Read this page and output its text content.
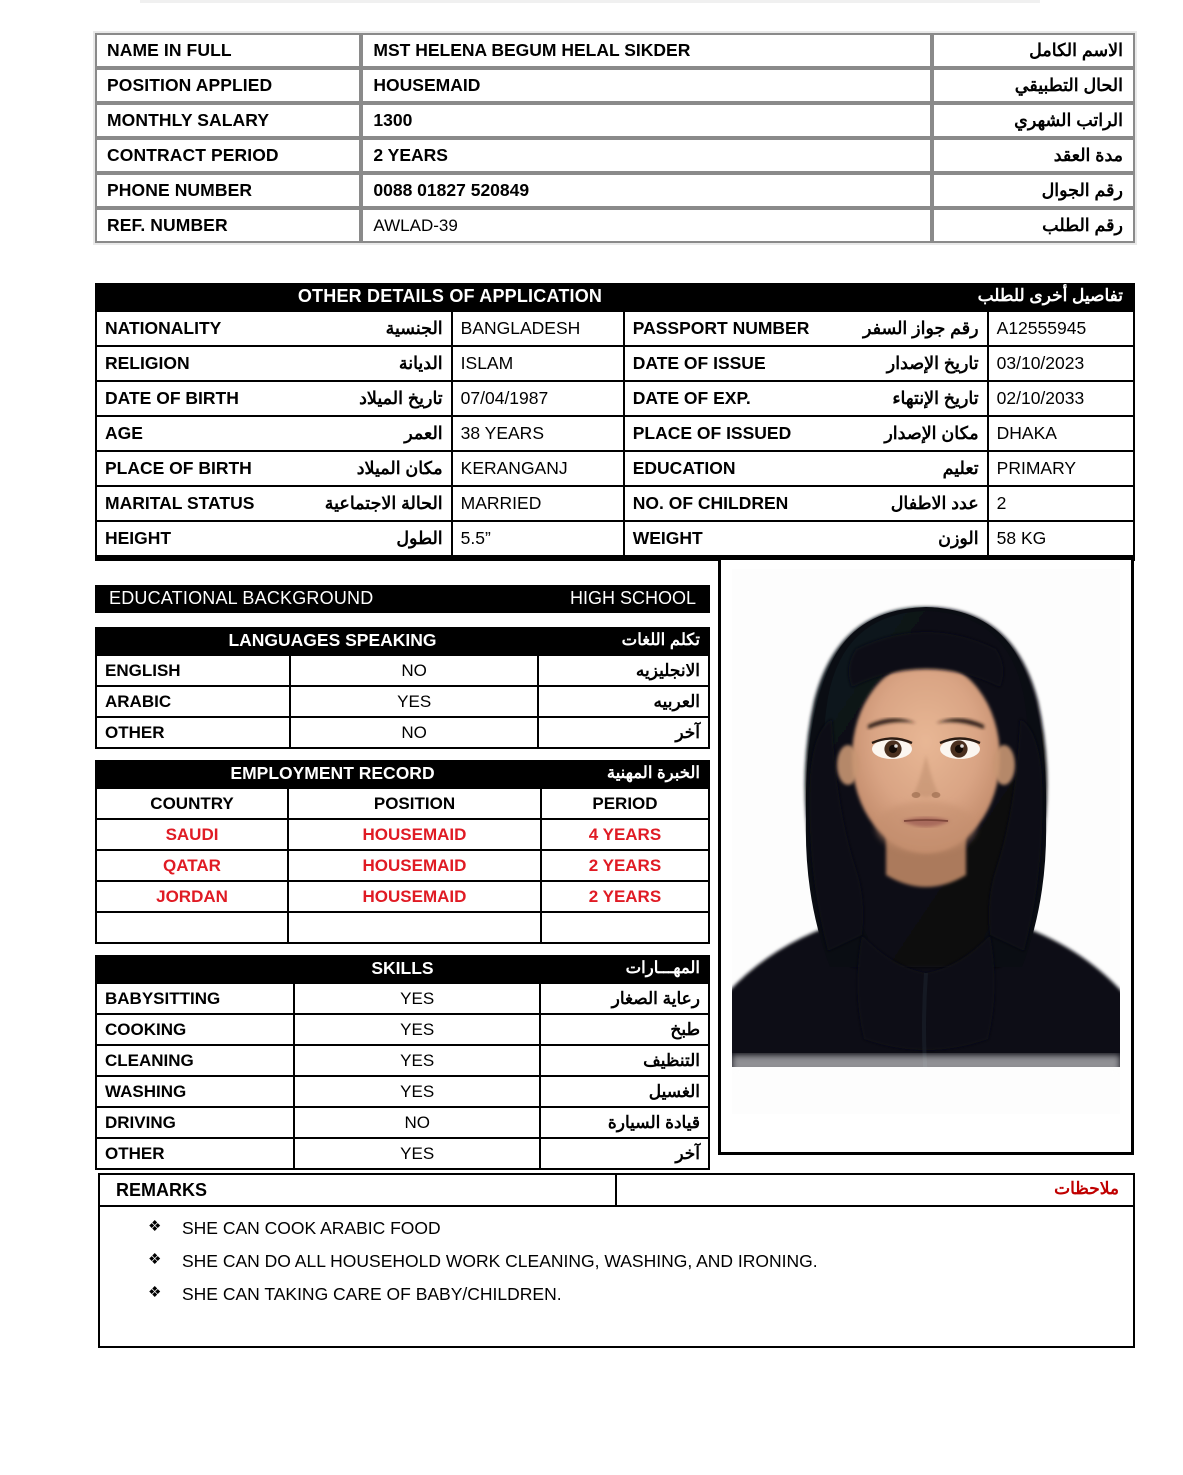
NAME IN FULL	MST HELENA BEGUM HELAL SIKDER	الاسم الكامل
POSITION APPLIED	HOUSEMAID	الحال التطبيقي
MONTHLY SALARY	1300	الراتب الشهري
CONTRACT PERIOD	2 YEARS	مدة العقد
PHONE NUMBER	0088 01827 520849	رقم الجوال
REF. NUMBER	AWLAD-39	رقم الطلب
OTHER DETAILS OF APPLICATION	تفاصيل أخرى للطلب
NATIONALITY الجنسية	BANGLADESH	PASSPORT NUMBER رقم جواز السفر	A12555945
RELIGION الديانة	ISLAM	DATE OF ISSUE تاريخ الإصدار	03/10/2023
DATE OF BIRTH تاريخ الميلاد	07/04/1987	DATE OF EXP. تاريخ الإنتهاء	02/10/2033
AGE العمر	38 YEARS	PLACE OF ISSUED مكان الإصدار	DHAKA
PLACE OF BIRTH مكان الميلاد	KERANGANJ	EDUCATION تعليم	PRIMARY
MARITAL STATUS الحالة الاجتماعية	MARRIED	NO. OF CHILDREN عدد الاطفال	2
HEIGHT الطول	5.5”	WEIGHT الوزن	58 KG
EDUCATIONAL BACKGROUND	HIGH SCHOOL
LANGUAGES SPEAKING	تكلم اللغات
ENGLISH	NO	الانجليزيه
ARABIC	YES	العربيه
OTHER	NO	آخر
EMPLOYMENT RECORD	الخبرة المهنية
COUNTRY	POSITION	PERIOD
SAUDI	HOUSEMAID	4 YEARS
QATAR	HOUSEMAID	2 YEARS
JORDAN	HOUSEMAID	2 YEARS

SKILLS	المهـــارات
BABYSITTING	YES	رعاية الصغار
COOKING	YES	طبخ
CLEANING	YES	التنظيف
WASHING	YES	الغسيل
DRIVING	NO	قيادة السيارة
OTHER	YES	آخر
REMARKS	ملاحظات
❖ SHE CAN COOK ARABIC FOOD
❖ SHE CAN DO ALL HOUSEHOLD WORK CLEANING, WASHING, AND IRONING.
❖ SHE CAN TAKING CARE OF BABY/CHILDREN.
